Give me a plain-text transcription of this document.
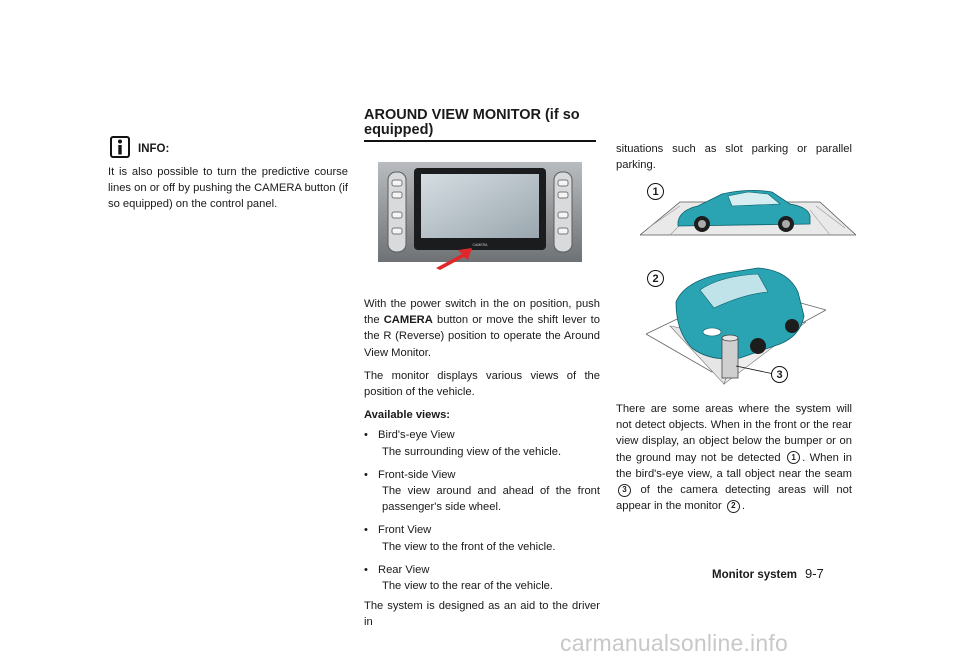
INFO:
It is also possible to turn the predictive course lines on or off by pushing the CAMERA button (if so equipped) on the control panel.
AROUND VIEW MONITOR (if so equipped)
CAMERA

With the power switch in the on position, push the CAMERA button or move the shift lever to the R (Reverse) position to operate the Around View Monitor.

The monitor displays various views of the position of the vehicle.

Available views:

• Bird's-eye View

The surrounding view of the vehicle.

• Front-side View

The view around and ahead of the front passenger's side wheel.

• Front View

The view to the front of the vehicle.

• Rear View

The view to the rear of the vehicle.

The system is designed as an aid to the driver in

situations such as slot parking or parallel parking.
1
2
3
There are some areas where the system will not detect objects. When in the front or the rear view display, an object below the bumper or on the ground may not be detected 1 . When in the bird's-eye view, a tall object near the seam 3 of the camera detecting areas will not appear in the monitor 2 .
Monitor system 9-7
carmanualsonline.info
